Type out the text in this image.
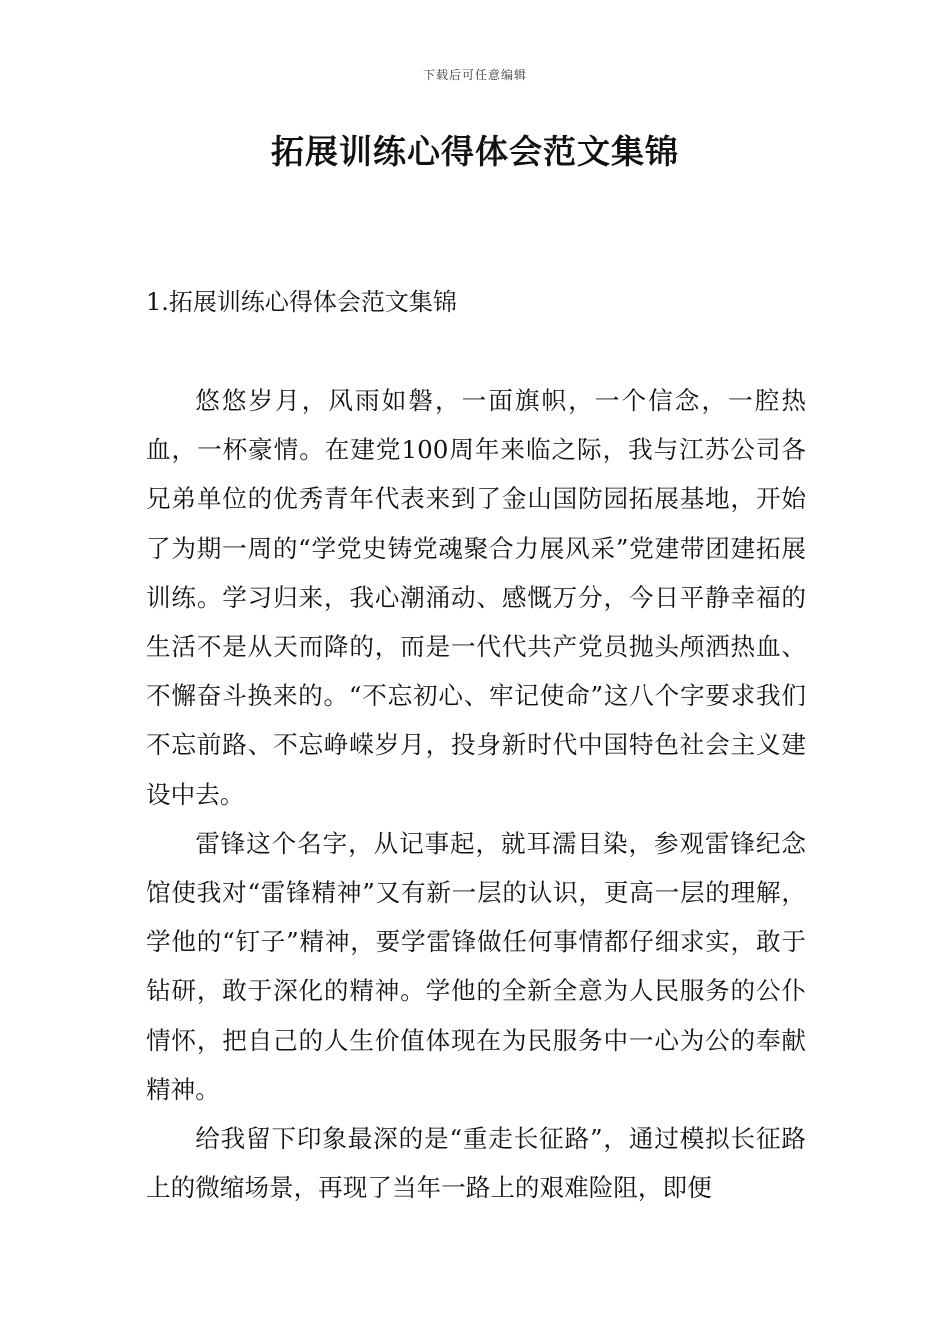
下载后可任意编辑
拓展训练心得体会范文集锦
1.拓展训练心得体会范文集锦

悠悠岁月，风雨如磐，一面旗帜，一个信念，一腔热血，一杯豪情。在建党100周年来临之际，我与江苏公司各兄弟单位的优秀青年代表来到了金山国防园拓展基地，开始了为期一周的“学党史铸党魂聚合力展风采”党建带团建拓展训练。学习归来，我心潮涌动、感慨万分，今日平静幸福的生活不是从天而降的，而是一代代共产党员抛头颅洒热血、不懈奋斗换来的。“不忘初心、牢记使命”这八个字要求我们不忘前路、不忘峥嵘岁月，投身新时代中国特色社会主义建设中去。

雷锋这个名字，从记事起，就耳濡目染，参观雷锋纪念馆使我对“雷锋精神”又有新一层的认识，更高一层的理解，学他的“钉子”精神，要学雷锋做任何事情都仔细求实，敢于钻研，敢于深化的精神。学他的全新全意为人民服务的公仆情怀，把自己的人生价值体现在为民服务中一心为公的奉献精神。

给我留下印象最深的是“重走长征路”，通过模拟长征路上的微缩场景，再现了当年一路上的艰难险阻，即便
